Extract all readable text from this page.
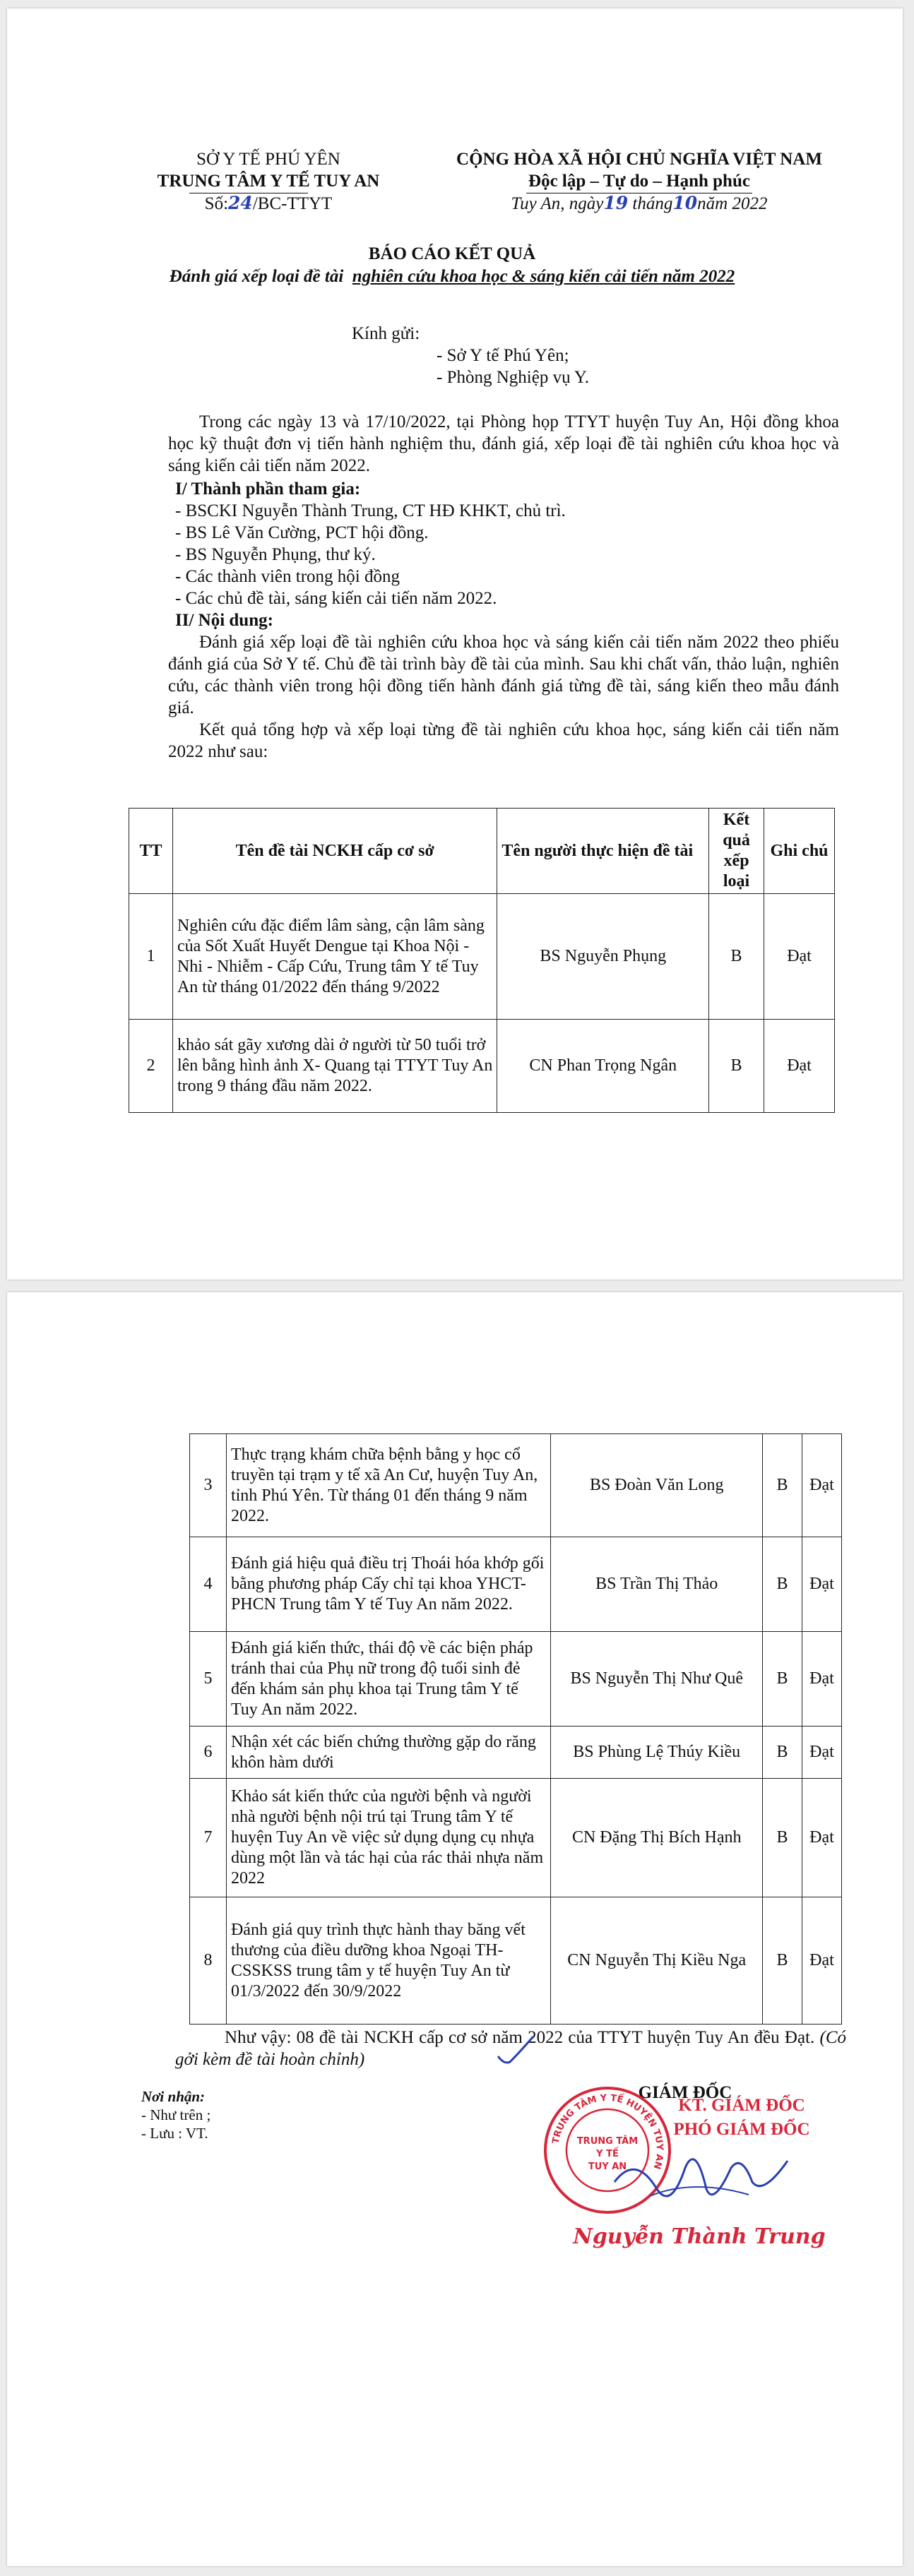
SỞ Y TẾ PHÚ YÊN
TRUNG TÂM Y TẾ TUY AN
Số:24/BC-TTYT
CỘNG HÒA XÃ HỘI CHỦ NGHĨA VIỆT NAM
Độc lập – Tự do – Hạnh phúc
Tuy An, ngày19 tháng10năm 2022
BÁO CÁO KẾT QUẢ
Đánh giá xếp loại đề tài nghiên cứu khoa học & sáng kiến cải tiến năm 2022
Kính gửi:
- Sở Y tế Phú Yên;
- Phòng Nghiệp vụ Y.
Trong các ngày 13 và 17/10/2022, tại Phòng họp TTYT huyện Tuy An, Hội đồng khoa học kỹ thuật đơn vị tiến hành nghiệm thu, đánh giá, xếp loại đề tài nghiên cứu khoa học và sáng kiến cải tiến năm 2022.
I/ Thành phần tham gia:
- BSCKI Nguyễn Thành Trung, CT HĐ KHKT, chủ trì.
- BS Lê Văn Cường, PCT hội đồng.
- BS Nguyễn Phụng, thư ký.
- Các thành viên trong hội đồng
- Các chủ đề tài, sáng kiến cải tiến năm 2022.
II/ Nội dung:
Đánh giá xếp loại đề tài nghiên cứu khoa học và sáng kiến cải tiến năm 2022 theo phiếu đánh giá của Sở Y tế. Chủ đề tài trình bày đề tài của mình. Sau khi chất vấn, thảo luận, nghiên cứu, các thành viên trong hội đồng tiến hành đánh giá từng đề tài, sáng kiến theo mẫu đánh giá.
Kết quả tổng hợp và xếp loại từng đề tài nghiên cứu khoa học, sáng kiến cải tiến năm 2022 như sau:
TT	Tên đề tài NCKH cấp cơ sở	Tên người thực hiện đề tài	Kết quả xếp loại	Ghi chú
1	Nghiên cứu đặc điểm lâm sàng, cận lâm sàng của Sốt Xuất Huyết Dengue tại Khoa Nội -Nhi - Nhiễm - Cấp Cứu, Trung tâm Y tế Tuy An từ tháng 01/2022 đến tháng 9/2022	BS Nguyễn Phụng	B	Đạt
2	khảo sát gãy xương dài ở người từ 50 tuổi trở lên bằng hình ảnh X- Quang tại TTYT Tuy An trong 9 tháng đầu năm 2022.	CN Phan Trọng Ngân	B	Đạt
3	Thực trạng khám chữa bệnh bằng y học cổ truyền tại trạm y tế xã An Cư, huyện Tuy An, tỉnh Phú Yên. Từ tháng 01 đến tháng 9 năm 2022.	BS Đoàn Văn Long	B	Đạt
4	Đánh giá hiệu quả điều trị Thoái hóa khớp gối bằng phương pháp Cấy chỉ tại khoa YHCT-PHCN Trung tâm Y tế Tuy An năm 2022.	BS Trần Thị Thảo	B	Đạt
5	Đánh giá kiến thức, thái độ về các biện pháp tránh thai của Phụ nữ trong độ tuổi sinh đẻ đến khám sản phụ khoa tại Trung tâm Y tế Tuy An năm 2022.	BS Nguyễn Thị Như Quê	B	Đạt
6	Nhận xét các biến chứng thường gặp do răng khôn hàm dưới	BS Phùng Lệ Thúy Kiều	B	Đạt
7	Khảo sát kiến thức của người bệnh và người nhà người bệnh nội trú tại Trung tâm Y tế huyện Tuy An về việc sử dụng dụng cụ nhựa dùng một lần và tác hại của rác thải nhựa năm 2022	CN Đặng Thị Bích Hạnh	B	Đạt
8	Đánh giá quy trình thực hành thay băng vết thương của điều dưỡng khoa Ngoại TH-CSSKSS trung tâm y tế huyện Tuy An từ 01/3/2022 đến 30/9/2022	CN Nguyễn Thị Kiều Nga	B	Đạt
Như vậy: 08 đề tài NCKH cấp cơ sở năm 2022 của TTYT huyện Tuy An đều Đạt. (Có gởi kèm đề tài hoàn chỉnh)
Nơi nhận:
- Như trên ;
- Lưu : VT.
GIÁM ĐỐC
KT. GIÁM ĐỐC
PHÓ GIÁM ĐỐC
TRUNG TÂM Y TẾ HUYỆN TUY AN
TRUNG TÂM
Y TẾ
TUY AN
Nguyễn Thành Trung
